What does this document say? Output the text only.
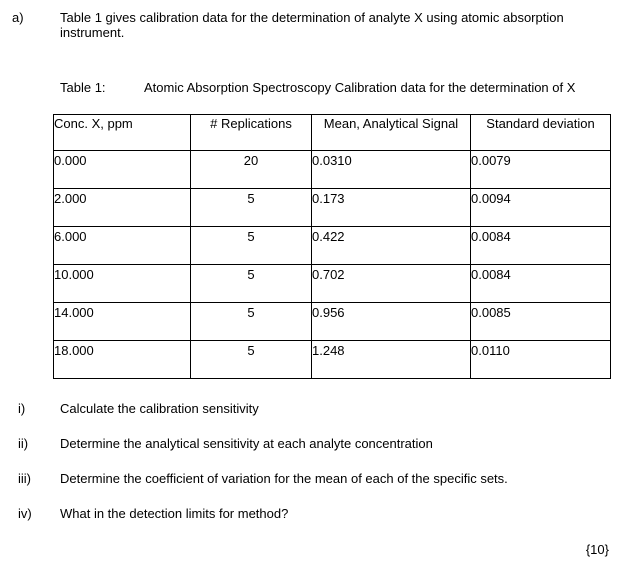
a)	Table 1 gives calibration data for the determination of analyte X using atomic absorption instrument.
Table 1:	Atomic Absorption Spectroscopy Calibration data for the determination of X
Conc. X, ppm	# Replications	Mean, Analytical Signal	Standard deviation
0.000	20	0.0310	0.0079
2.000	5	0.173	0.0094
6.000	5	0.422	0.0084
10.000	5	0.702	0.0084
14.000	5	0.956	0.0085
18.000	5	1.248	0.0110
i)	Calculate the calibration sensitivity
ii) Determine the analytical sensitivity at each analyte concentration
iii) Determine the coefficient of variation for the mean of each of the specific sets.
iv) What in the detection limits for method?
{10}
